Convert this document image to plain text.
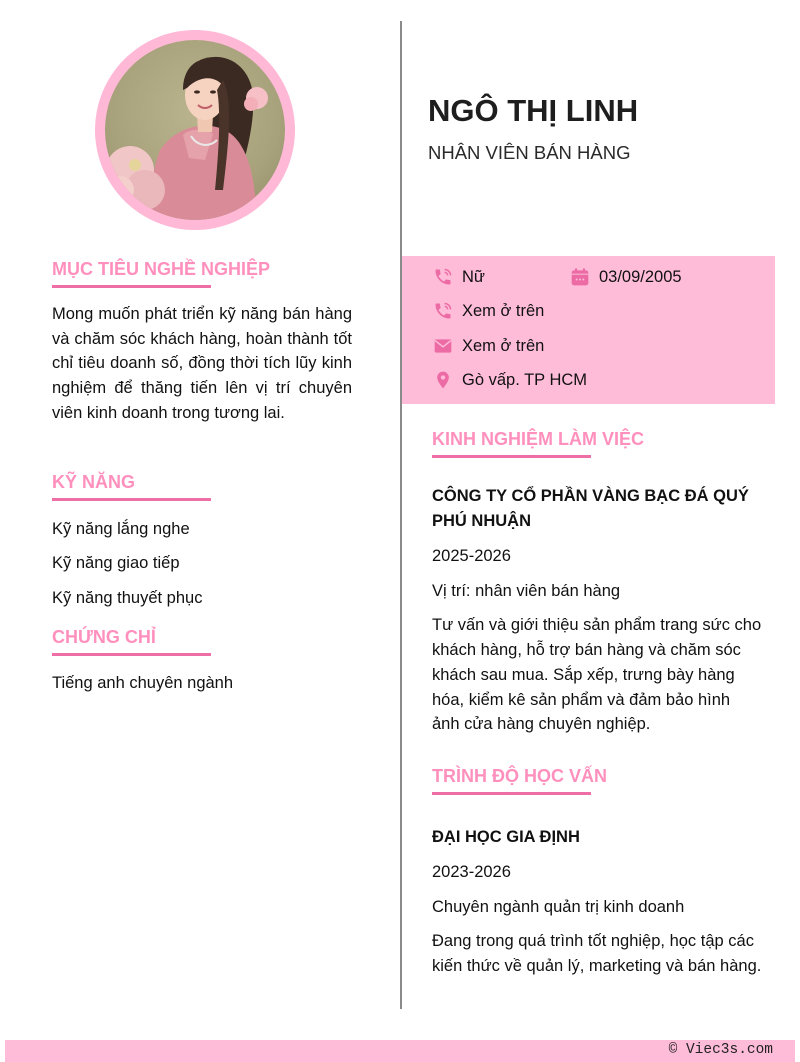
MỤC TIÊU NGHỀ NGHIỆP
Mong muốn phát triển kỹ năng bán hàng và chăm sóc khách hàng, hoàn thành tốt chỉ tiêu doanh số, đồng thời tích lũy kinh nghiệm để thăng tiến lên vị trí chuyên viên kinh doanh trong tương lai.
KỸ NĂNG
Kỹ năng lắng nghe
Kỹ năng giao tiếp
Kỹ năng thuyết phục
CHỨNG CHỈ
Tiếng anh chuyên ngành
NGÔ THỊ LINH
NHÂN VIÊN BÁN HÀNG
Nữ	03/09/2005
Xem ở trên
Xem ở trên
Gò vấp. TP HCM
KINH NGHIỆM LÀM VIỆC
CÔNG TY CỔ PHẦN VÀNG BẠC ĐÁ QUÝ PHÚ NHUẬN
2025-2026
Vị trí: nhân viên bán hàng
Tư vấn và giới thiệu sản phẩm trang sức cho khách hàng, hỗ trợ bán hàng và chăm sóc khách sau mua. Sắp xếp, trưng bày hàng hóa, kiểm kê sản phẩm và đảm bảo hình ảnh cửa hàng chuyên nghiệp.
TRÌNH ĐỘ HỌC VẤN
ĐẠI HỌC GIA ĐỊNH
2023-2026
Chuyên ngành quản trị kinh doanh
Đang trong quá trình tốt nghiệp, học tập các kiến thức về quản lý, marketing và bán hàng.
© Viec3s.com
